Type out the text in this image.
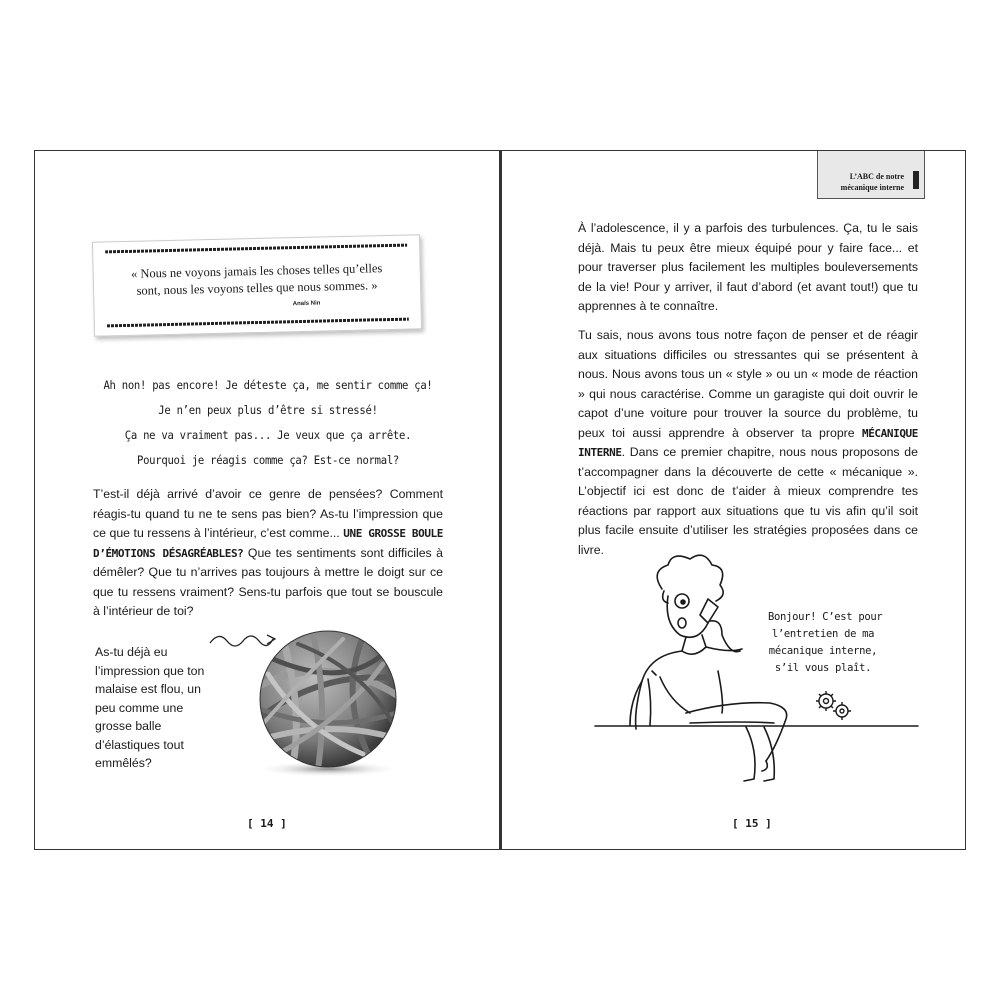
« Nous ne voyons jamais les choses telles qu’elles
sont, nous les voyons telles que nous sommes. »
Anaïs Nin
Ah non! pas encore! Je déteste ça, me sentir comme ça!
Je n’en peux plus d’être si stressé!
Ça ne va vraiment pas... Je veux que ça arrête.
Pourquoi je réagis comme ça? Est-ce normal?

T’est-il déjà arrivé d’avoir ce genre de pensées? Comment réagis-tu quand tu ne te sens pas bien? As-tu l’impression que ce que tu ressens à l’intérieur, c’est comme... UNE GROSSE BOULE D’ÉMOTIONS DÉSAGRÉABLES? Que tes sentiments sont difficiles à démêler? Que tu n’arrives pas toujours à mettre le doigt sur ce que tu ressens vraiment? Sens-tu parfois que tout se bouscule à l’intérieur de toi?

As-tu déjà eu l’impression que ton malaise est flou, un peu comme une grosse balle d’élastiques tout emmêlés?
[ 14 ]
L’ABC de notre
mécanique interne

À l’adolescence, il y a parfois des turbulences. Ça, tu le sais déjà. Mais tu peux être mieux équipé pour y faire face... et pour traverser plus facilement les multiples bouleversements de la vie! Pour y arriver, il faut d’abord (et avant tout!) que tu apprennes à te connaître.

Tu sais, nous avons tous notre façon de penser et de réagir aux situations difficiles ou stressantes qui se présentent à nous. Nous avons tous un « style » ou un « mode de réaction » qui nous caractérise. Comme un garagiste qui doit ouvrir le capot d’une voiture pour trouver la source du problème, tu peux toi aussi apprendre à observer ta propre MÉCANIQUE INTERNE. Dans ce premier chapitre, nous nous proposons de t’accompagner dans la découverte de cette « mécanique ». L’objectif ici est donc de t’aider à mieux comprendre tes réactions par rapport aux situations que tu vis afin qu’il soit plus facile ensuite d’utiliser les stratégies proposées dans ce livre.

Bonjour! C’est pour
l’entretien de ma
mécanique interne,
s’il vous plaît.
[ 15 ]
